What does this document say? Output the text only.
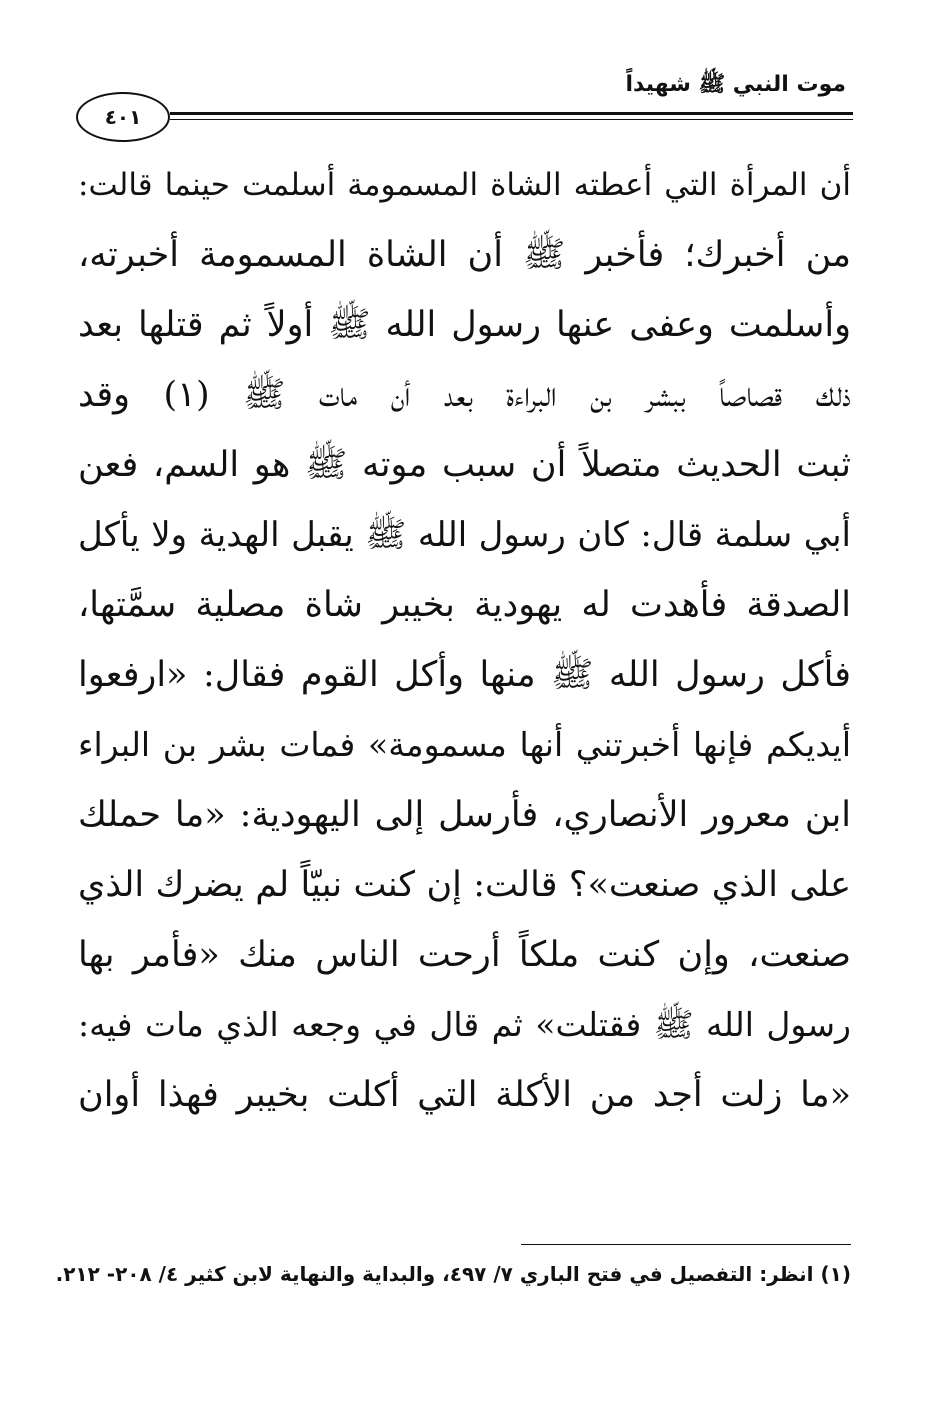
موت النبي ﷺ شهيداً
٤٠١
أن المرأة التي أعطته الشاة المسمومة أسلمت حينما قالت:
من أخبرك؛ فأخبر ﷺ أن الشاة المسمومة أخبرته،
وأسلمت وعفى عنها رسول الله ﷺ أولاً ثم قتلها بعد
ذلك قصاصاً ببشر بن البراءة بعد أن مات ﷺ (١) وقد
ثبت الحديث متصلاً أن سبب موته ﷺ هو السم، فعن
أبي سلمة قال: كان رسول الله ﷺ يقبل الهدية ولا يأكل
الصدقة فأهدت له يهودية بخيبر شاة مصلية سمَّتها،
فأكل رسول الله ﷺ منها وأكل القوم فقال: «ارفعوا
أيديكم فإنها أخبرتني أنها مسمومة» فمات بشر بن البراء
ابن معرور الأنصاري، فأرسل إلى اليهودية: «ما حملك
على الذي صنعت»؟ قالت: إن كنت نبيّاً لم يضرك الذي
صنعت، وإن كنت ملكاً أرحت الناس منك «فأمر بها
رسول الله ﷺ فقتلت» ثم قال في وجعه الذي مات فيه:
«ما زلت أجد من الأكلة التي أكلت بخيبر فهذا أوان
(١) انظر: التفصيل في فتح الباري ٧/ ٤٩٧، والبداية والنهاية لابن كثير ٤/ ٢٠٨- ٢١٢.
